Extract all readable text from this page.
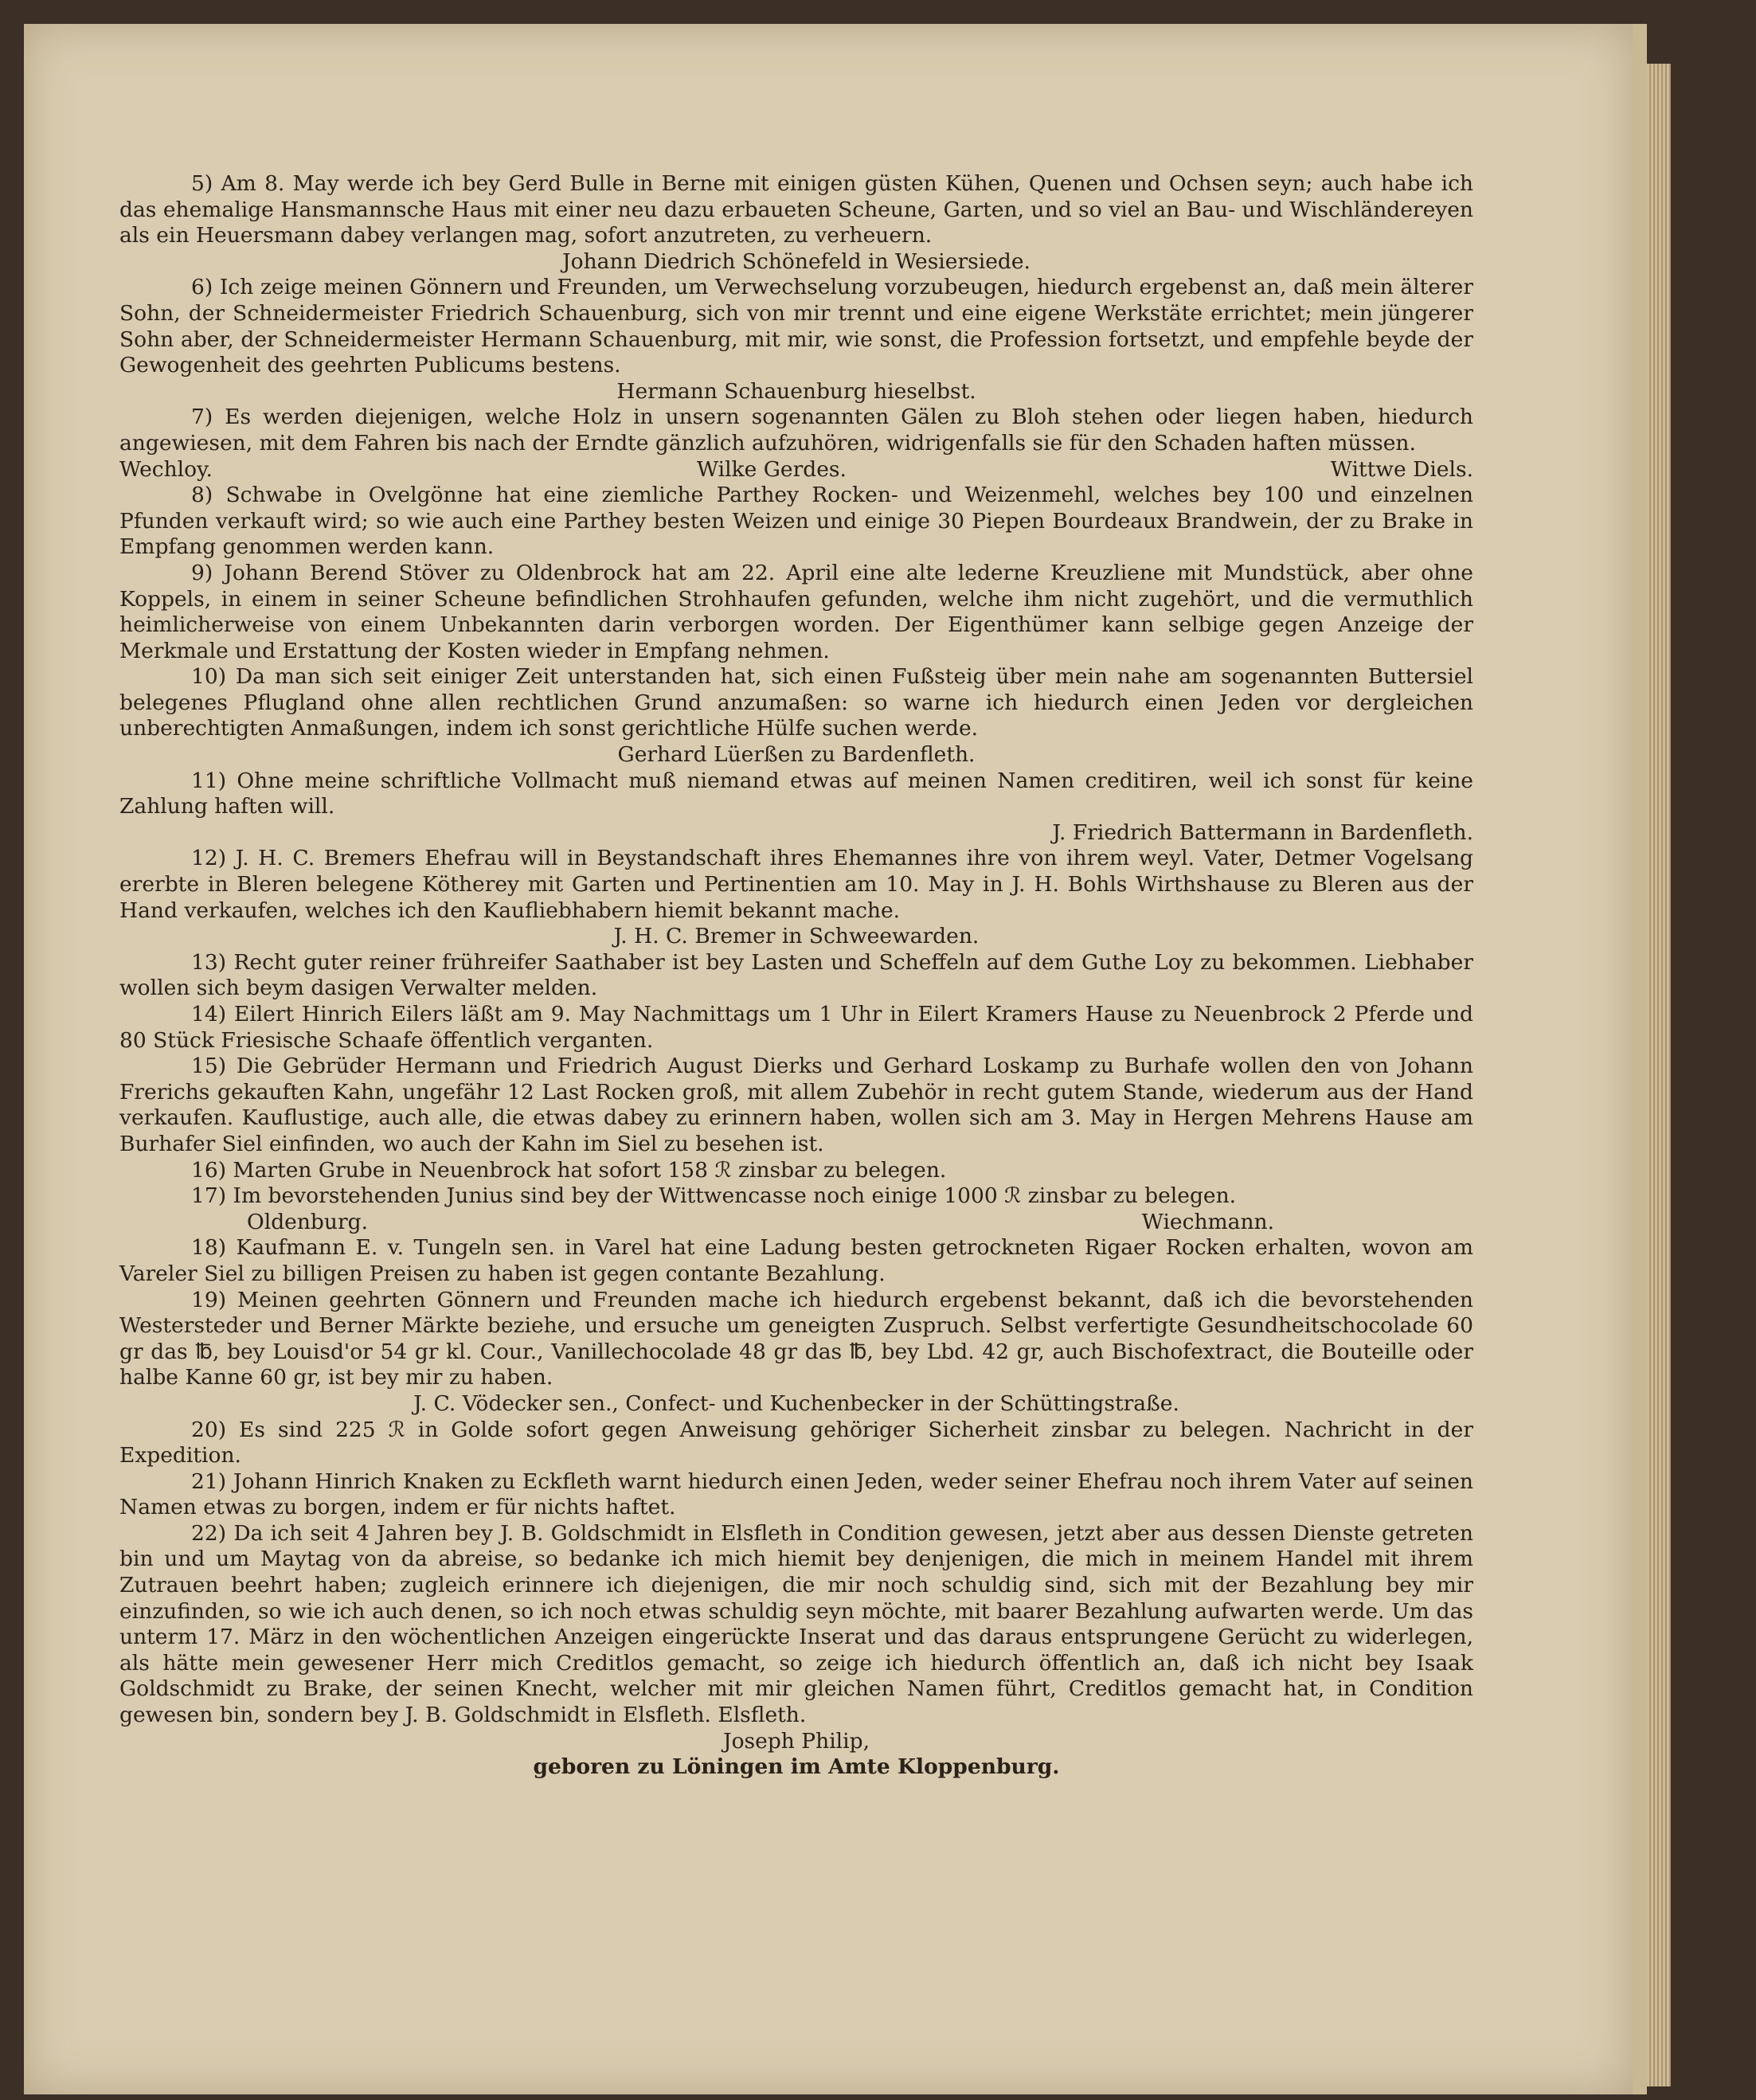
5) Am 8. May werde ich bey Gerd Bulle in Berne mit einigen güsten Kühen, Quenen und Ochsen seyn; auch habe ich das ehemalige Hansmannsche Haus mit einer neu dazu erbaueten Scheune, Garten, und so viel an Bau- und Wischländereyen als ein Heuersmann dabey verlangen mag, sofort anzutreten, zu verheuern.

Johann Diedrich Schönefeld in Wesiersiede.

6) Ich zeige meinen Gönnern und Freunden, um Verwechselung vorzubeugen, hiedurch ergebenst an, daß mein älterer Sohn, der Schneidermeister Friedrich Schauenburg, sich von mir trennt und eine eigene Werkstäte errichtet; mein jüngerer Sohn aber, der Schneidermeister Hermann Schauenburg, mit mir, wie sonst, die Profession fortsetzt, und empfehle beyde der Gewogenheit des geehrten Publicums bestens.

Hermann Schauenburg hieselbst.

7) Es werden diejenigen, welche Holz in unsern sogenannten Gälen zu Bloh stehen oder liegen haben, hiedurch angewiesen, mit dem Fahren bis nach der Erndte gänzlich aufzuhören, widrigenfalls sie für den Schaden haften müssen.

Wechloy.	Wilke Gerdes.	Wittwe Diels.

8) Schwabe in Ovelgönne hat eine ziemliche Parthey Rocken- und Weizenmehl, welches bey 100 und einzelnen Pfunden verkauft wird; so wie auch eine Parthey besten Weizen und einige 30 Piepen Bourdeaux Brandwein, der zu Brake in Empfang genommen werden kann.

9) Johann Berend Stöver zu Oldenbrock hat am 22. April eine alte lederne Kreuzliene mit Mundstück, aber ohne Koppels, in einem in seiner Scheune befindlichen Strohhaufen gefunden, welche ihm nicht zugehört, und die vermuthlich heimlicherweise von einem Unbekannten darin verborgen worden. Der Eigenthümer kann selbige gegen Anzeige der Merkmale und Erstattung der Kosten wieder in Empfang nehmen.

10) Da man sich seit einiger Zeit unterstanden hat, sich einen Fußsteig über mein nahe am sogenannten Buttersiel belegenes Pflugland ohne allen rechtlichen Grund anzumaßen: so warne ich hiedurch einen Jeden vor dergleichen unberechtigten Anmaßungen, indem ich sonst gerichtliche Hülfe suchen werde.

Gerhard Lüerßen zu Bardenfleth.

11) Ohne meine schriftliche Vollmacht muß niemand etwas auf meinen Namen creditiren, weil ich sonst für keine Zahlung haften will.

J. Friedrich Battermann in Bardenfleth.

12) J. H. C. Bremers Ehefrau will in Beystandschaft ihres Ehemannes ihre von ihrem weyl. Vater, Detmer Vogelsang ererbte in Bleren belegene Kötherey mit Garten und Pertinentien am 10. May in J. H. Bohls Wirthshause zu Bleren aus der Hand verkaufen, welches ich den Kaufliebhabern hiemit bekannt mache.

J. H. C. Bremer in Schweewarden.

13) Recht guter reiner frühreifer Saathaber ist bey Lasten und Scheffeln auf dem Guthe Loy zu bekommen. Liebhaber wollen sich beym dasigen Verwalter melden.

14) Eilert Hinrich Eilers läßt am 9. May Nachmittags um 1 Uhr in Eilert Kramers Hause zu Neuenbrock 2 Pferde und 80 Stück Friesische Schaafe öffentlich verganten.

15) Die Gebrüder Hermann und Friedrich August Dierks und Gerhard Loskamp zu Burhafe wollen den von Johann Frerichs gekauften Kahn, ungefähr 12 Last Rocken groß, mit allem Zubehör in recht gutem Stande, wiederum aus der Hand verkaufen. Kauflustige, auch alle, die etwas dabey zu erinnern haben, wollen sich am 3. May in Hergen Mehrens Hause am Burhafer Siel einfinden, wo auch der Kahn im Siel zu besehen ist.

16) Marten Grube in Neuenbrock hat sofort 158 ℛ zinsbar zu belegen.

17) Im bevorstehenden Junius sind bey der Wittwencasse noch einige 1000 ℛ zinsbar zu belegen.

Oldenburg.	Wiechmann.

18) Kaufmann E. v. Tungeln sen. in Varel hat eine Ladung besten getrockneten Rigaer Rocken erhalten, wovon am Vareler Siel zu billigen Preisen zu haben ist gegen contante Bezahlung.

19) Meinen geehrten Gönnern und Freunden mache ich hiedurch ergebenst bekannt, daß ich die bevorstehenden Westersteder und Berner Märkte beziehe, und ersuche um geneigten Zuspruch. Selbst verfertigte Gesundheitschocolade 60 gr das ℔, bey Louisd'or 54 gr kl. Cour., Vanillechocolade 48 gr das ℔, bey Lbd. 42 gr, auch Bischofextract, die Bouteille oder halbe Kanne 60 gr, ist bey mir zu haben.

J. C. Vödecker sen., Confect- und Kuchenbecker in der Schüttingstraße.

20) Es sind 225 ℛ in Golde sofort gegen Anweisung gehöriger Sicherheit zinsbar zu belegen. Nachricht in der Expedition.

21) Johann Hinrich Knaken zu Eckfleth warnt hiedurch einen Jeden, weder seiner Ehefrau noch ihrem Vater auf seinen Namen etwas zu borgen, indem er für nichts haftet.

22) Da ich seit 4 Jahren bey J. B. Goldschmidt in Elsfleth in Condition gewesen, jetzt aber aus dessen Dienste getreten bin und um Maytag von da abreise, so bedanke ich mich hiemit bey denjenigen, die mich in meinem Handel mit ihrem Zutrauen beehrt haben; zugleich erinnere ich diejenigen, die mir noch schuldig sind, sich mit der Bezahlung bey mir einzufinden, so wie ich auch denen, so ich noch etwas schuldig seyn möchte, mit baarer Bezahlung aufwarten werde. Um das unterm 17. März in den wöchentlichen Anzeigen eingerückte Inserat und das daraus entsprungene Gerücht zu widerlegen, als hätte mein gewesener Herr mich Creditlos gemacht, so zeige ich hiedurch öffentlich an, daß ich nicht bey Isaak Goldschmidt zu Brake, der seinen Knecht, welcher mit mir gleichen Namen führt, Creditlos gemacht hat, in Condition gewesen bin, sondern bey J. B. Goldschmidt in Elsfleth. Elsfleth.

Joseph Philip,

geboren zu Löningen im Amte Kloppenburg.
